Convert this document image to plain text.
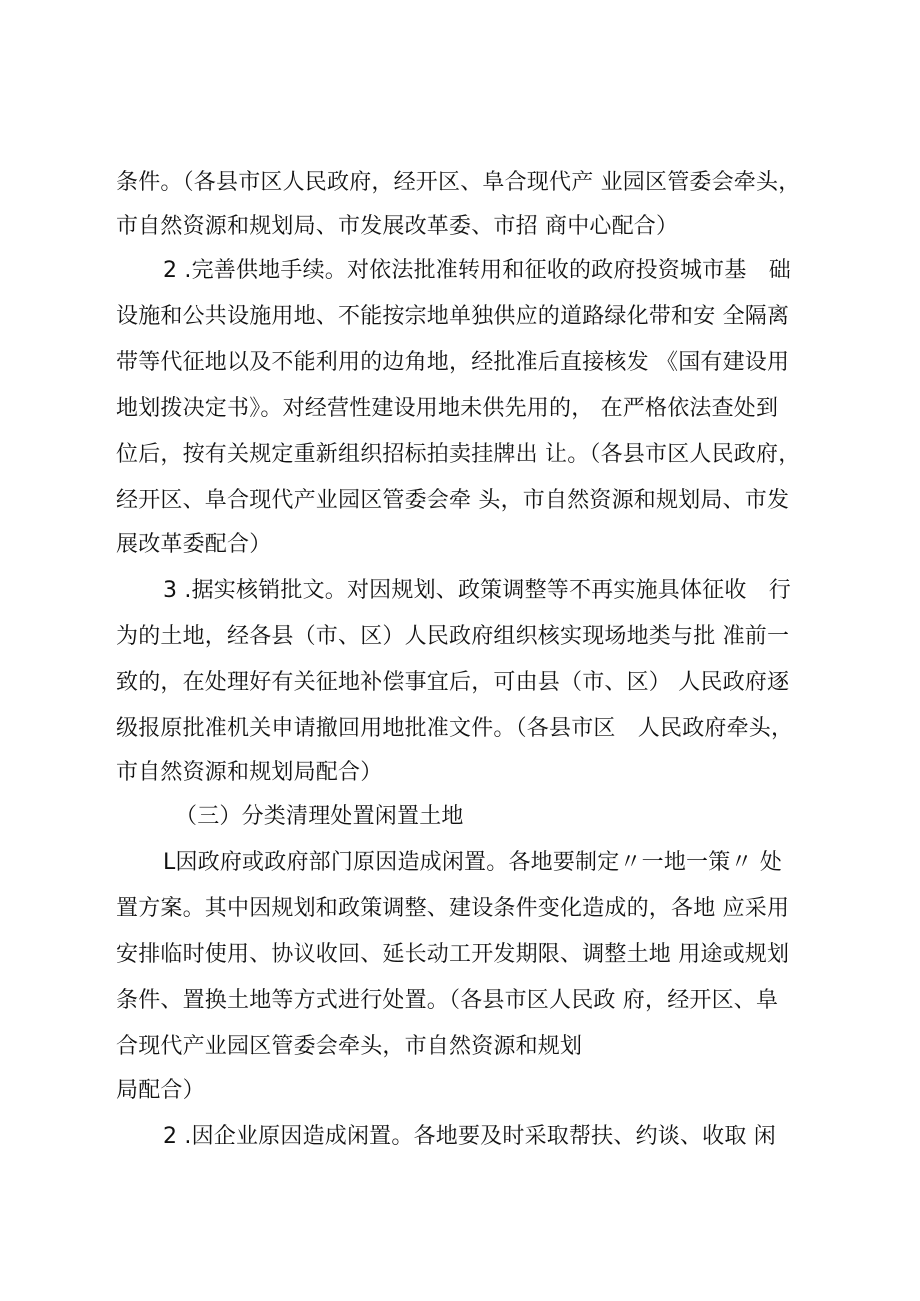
条件。（各县市区人民政府，经开区、阜合现代产 业园区管委会牵头，
市自然资源和规划局、市发展改革委、市招 商中心配合）
2 .完善供地手续。对依法批准转用和征收的政府投资城市基　础
设施和公共设施用地、不能按宗地单独供应的道路绿化带和安 全隔离
带等代征地以及不能利用的边角地，经批准后直接核发 《国有建设用
地划拨决定书》。对经营性建设用地未供先用的， 在严格依法查处到
位后，按有关规定重新组织招标拍卖挂牌出 让。（各县市区人民政府，
经开区、阜合现代产业园区管委会牵 头，市自然资源和规划局、市发
展改革委配合）
3 .据实核销批文。对因规划、政策调整等不再实施具体征收　行
为的土地，经各县（市、区）人民政府组织核实现场地类与批 准前一
致的，在处理好有关征地补偿事宜后，可由县（市、区） 人民政府逐
级报原批准机关申请撤回用地批准文件。（各县市区　人民政府牵头，
市自然资源和规划局配合）
（三）分类清理处置闲置土地
L因政府或政府部门原因造成闲置。各地要制定〃一地一策〃 处
置方案。其中因规划和政策调整、建设条件变化造成的，各地 应采用
安排临时使用、协议收回、延长动工开发期限、调整土地 用途或规划
条件、置换土地等方式进行处置。（各县市区人民政 府，经开区、阜
合现代产业园区管委会牵头，市自然资源和规划
局配合）
2 .因企业原因造成闲置。各地要及时采取帮扶、约谈、收取 闲
